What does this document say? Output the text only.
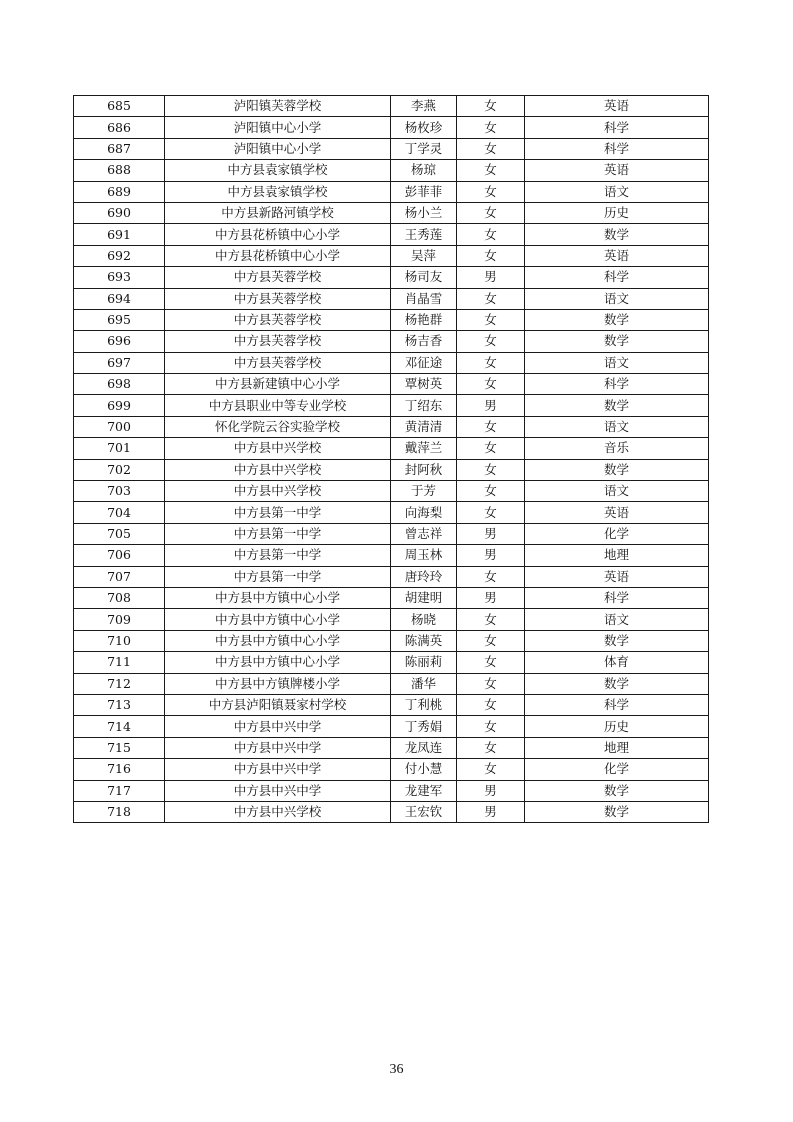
685	泸阳镇芙蓉学校	李燕	女	英语
686	泸阳镇中心小学	杨枚珍	女	科学
687	泸阳镇中心小学	丁学灵	女	科学
688	中方县袁家镇学校	杨琼	女	英语
689	中方县袁家镇学校	彭菲菲	女	语文
690	中方县新路河镇学校	杨小兰	女	历史
691	中方县花桥镇中心小学	王秀莲	女	数学
692	中方县花桥镇中心小学	吴萍	女	英语
693	中方县芙蓉学校	杨司友	男	科学
694	中方县芙蓉学校	肖晶雪	女	语文
695	中方县芙蓉学校	杨艳群	女	数学
696	中方县芙蓉学校	杨吉香	女	数学
697	中方县芙蓉学校	邓征途	女	语文
698	中方县新建镇中心小学	覃树英	女	科学
699	中方县职业中等专业学校	丁绍东	男	数学
700	怀化学院云谷实验学校	黄清清	女	语文
701	中方县中兴学校	戴萍兰	女	音乐
702	中方县中兴学校	封阿秋	女	数学
703	中方县中兴学校	于芳	女	语文
704	中方县第一中学	向海梨	女	英语
705	中方县第一中学	曾志祥	男	化学
706	中方县第一中学	周玉林	男	地理
707	中方县第一中学	唐玲玲	女	英语
708	中方县中方镇中心小学	胡建明	男	科学
709	中方县中方镇中心小学	杨晓	女	语文
710	中方县中方镇中心小学	陈满英	女	数学
711	中方县中方镇中心小学	陈丽莉	女	体育
712	中方县中方镇牌楼小学	潘华	女	数学
713	中方县泸阳镇聂家村学校	丁利桃	女	科学
714	中方县中兴中学	丁秀娟	女	历史
715	中方县中兴中学	龙凤连	女	地理
716	中方县中兴中学	付小慧	女	化学
717	中方县中兴中学	龙建军	男	数学
718	中方县中兴学校	王宏钦	男	数学
36
